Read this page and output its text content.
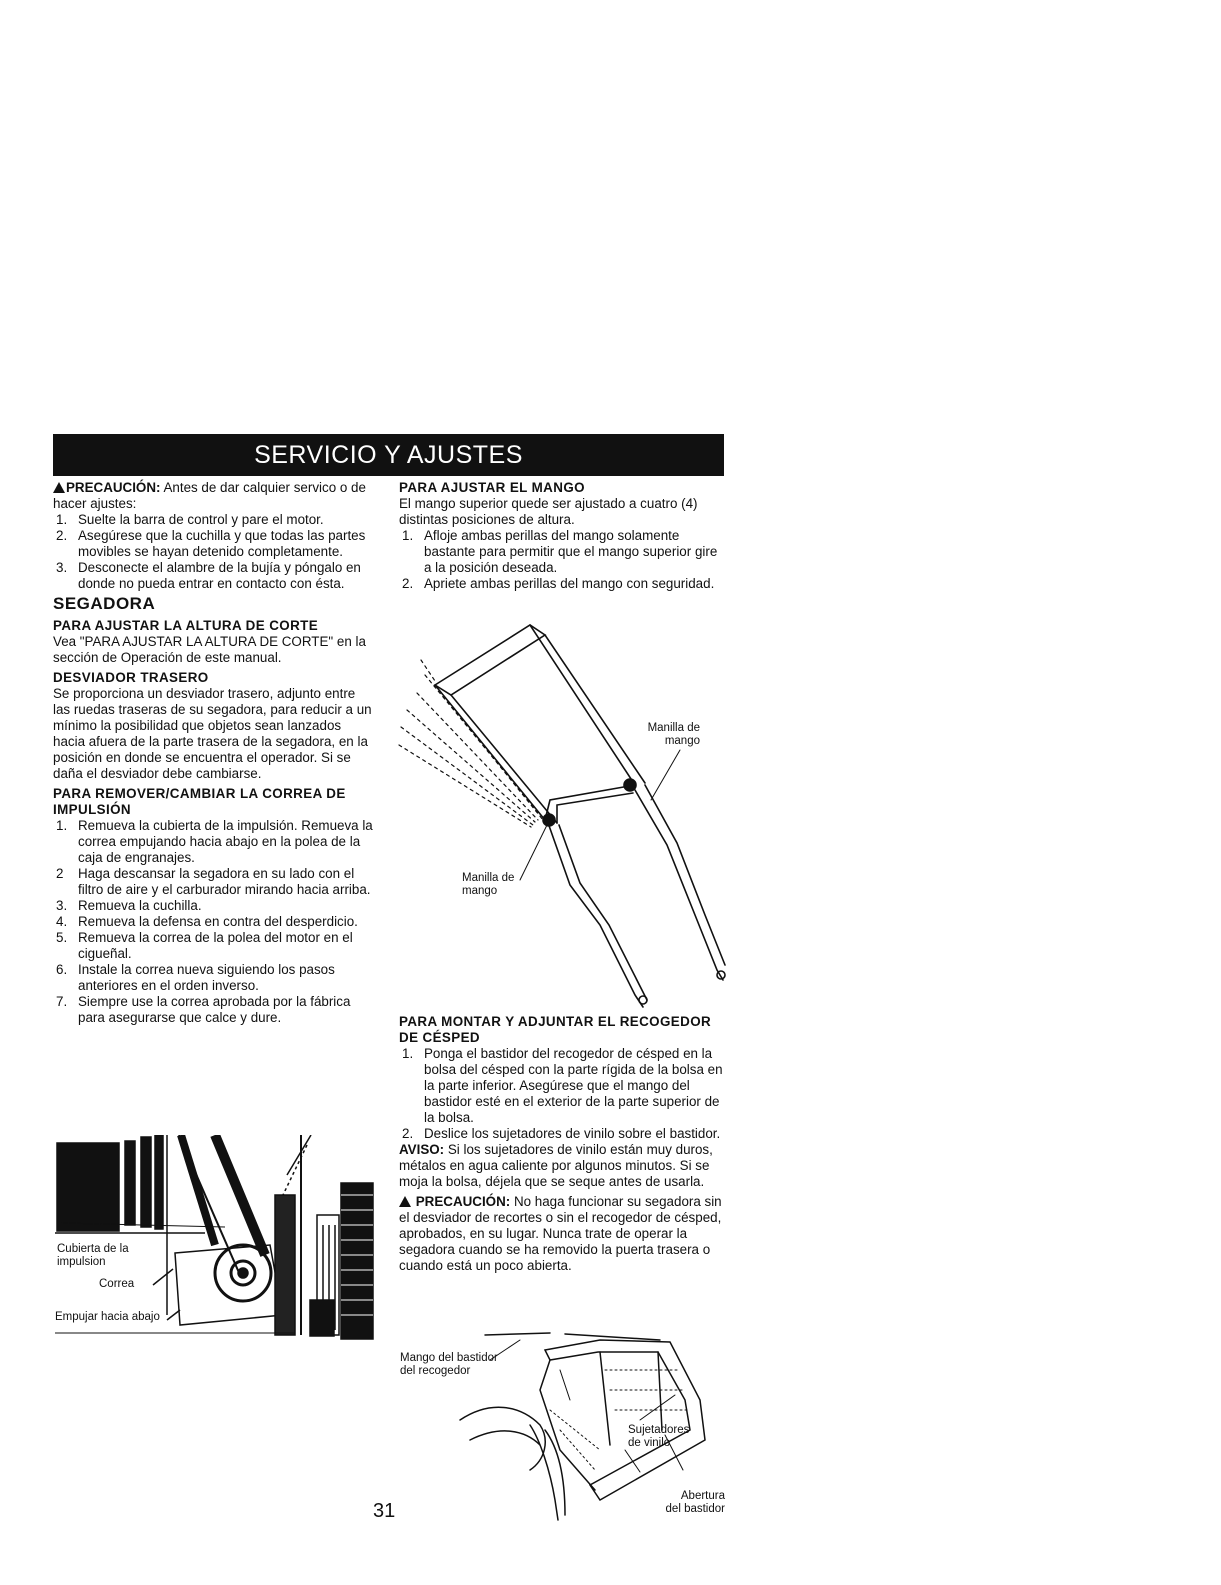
SERVICIO Y AJUSTES

PRECAUCIÓN: Antes de dar calquier servico o de hacer ajustes:

1. Suelte la barra de control y pare el motor.
2. Asegúrese que la cuchilla y que todas las partes movibles se hayan detenido completamente.
3. Desconecte el alambre de la bujía y póngalo en donde no pueda entrar en contacto con ésta.
SEGADORA
PARA AJUSTAR LA ALTURA DE CORTE

Vea "PARA AJUSTAR LA ALTURA DE CORTE" en la sección de Operación de este manual.

DESVIADOR TRASERO

Se proporciona un desviador trasero, adjunto entre las ruedas traseras de su segadora, para reducir a un mínimo la posibilidad que objetos sean lanzados hacia afuera de la parte trasera de la segadora, en la posición en donde se encuentra el operador. Si se daña el desviador debe cambiarse.

PARA REMOVER/CAMBIAR LA CORREA DE IMPULSIÓN
1. Remueva la cubierta de la impulsión. Remueva la correa empujando hacia abajo en la polea de la caja de engranajes.
2 Haga descansar la segadora en su lado con el filtro de aire y el carburador mirando hacia arriba.
3. Remueva la cuchilla.
4. Remueva la defensa en contra del desperdicio.
5. Remueva la correa de la polea del motor en el cigueñal.
6. Instale la correa nueva siguiendo los pasos anteriores en el orden inverso.
7. Siempre use la correa aprobada por la fábrica para asegurarse que calce y dure.
Cubierta de la impulsion
Correa
Empujar hacia abajo
PARA AJUSTAR EL MANGO

El mango superior quede ser ajustado a cuatro (4) distintas posiciones de altura.

1. Afloje ambas perillas del mango solamente bastante para permitir que el mango superior gire a la posición deseada.
2. Apriete ambas perillas del mango con seguridad.
Manilla de mango
Manilla de mango
PARA MONTAR Y ADJUNTAR EL RECOGEDOR DE CÉSPED
1. Ponga el bastidor del recogedor de césped en la bolsa del césped con la parte rígida de la bolsa en la parte inferior. Asegúrese que el mango del bastidor esté en el exterior de la parte superior de la bolsa.
2. Deslice los sujetadores de vinilo sobre el bastidor.

AVISO: Si los sujetadores de vinilo están muy duros, métalos en agua caliente por algunos minutos. Si se moja la bolsa, déjela que se seque antes de usarla.

PRECAUCIÓN: No haga funcionar su segadora sin el desviador de recortes o sin el recogedor de césped, aprobados, en su lugar. Nunca trate de operar la segadora cuando se ha removido la puerta trasera o cuando está un poco abierta.

Mango del bastidor del recogedor
Sujetadores de vinilo
Abertura del bastidor
31
